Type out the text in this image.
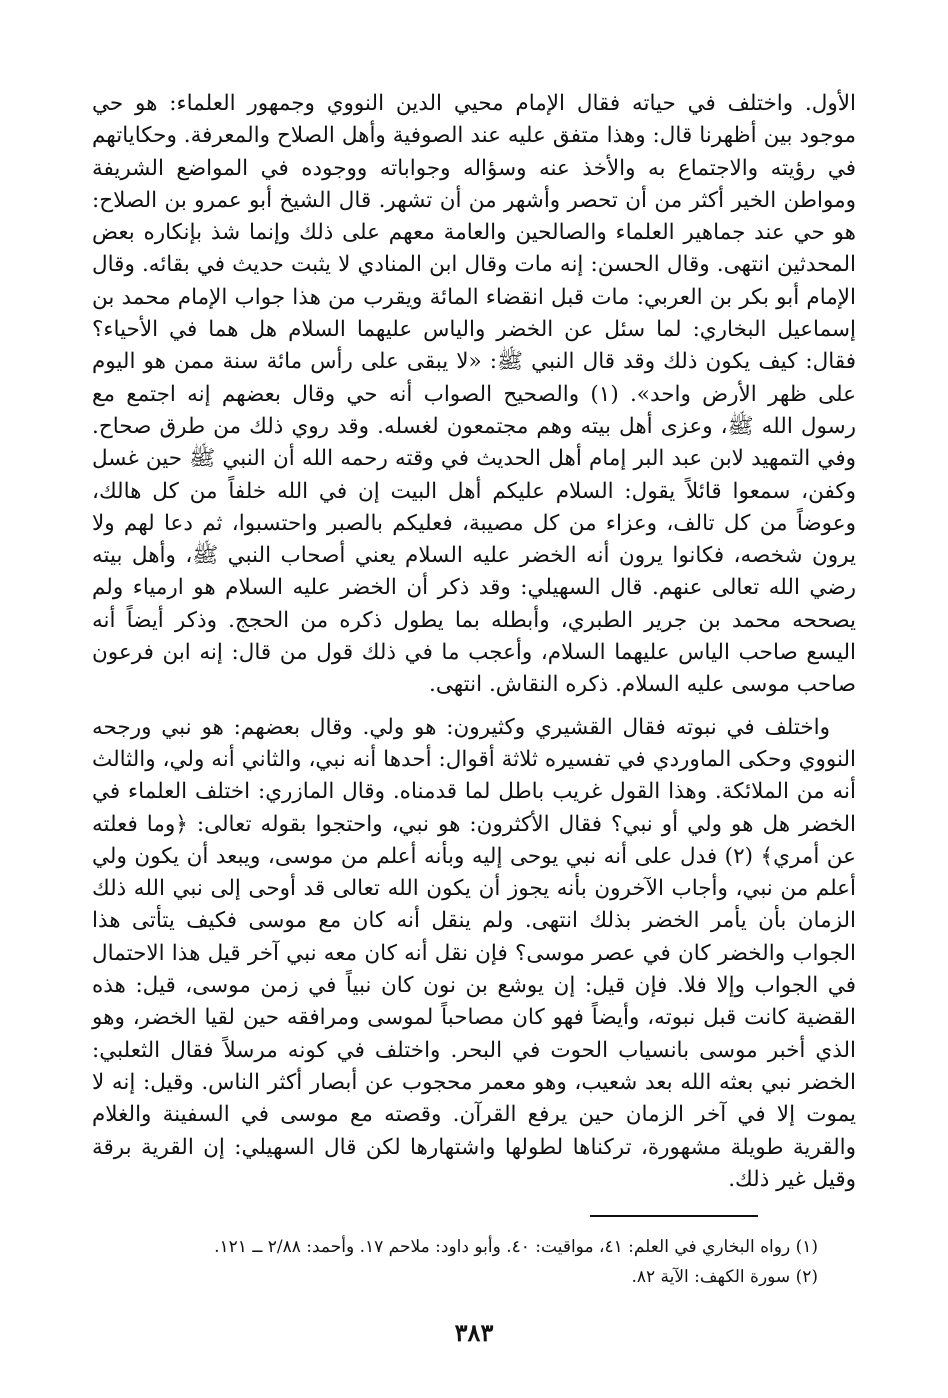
الأول. واختلف في حياته فقال الإمام محيي الدين النووي وجمهور العلماء: هو حي موجود بين أظهرنا قال: وهذا متفق عليه عند الصوفية وأهل الصلاح والمعرفة. وحكاياتهم في رؤيته والاجتماع به والأخذ عنه وسؤاله وجواباته ووجوده في المواضع الشريفة ومواطن الخير أكثر من أن تحصر وأشهر من أن تشهر. قال الشيخ أبو عمرو بن الصلاح: هو حي عند جماهير العلماء والصالحين والعامة معهم على ذلك وإنما شذ بإنكاره بعض المحدثين انتهى. وقال الحسن: إنه مات وقال ابن المنادي لا يثبت حديث في بقائه. وقال الإمام أبو بكر بن العربي: مات قبل انقضاء المائة ويقرب من هذا جواب الإمام محمد بن إسماعيل البخاري: لما سئل عن الخضر والياس عليهما السلام هل هما في الأحياء؟ فقال: كيف يكون ذلك وقد قال النبي ﷺ: «لا يبقى على رأس مائة سنة ممن هو اليوم على ظهر الأرض واحد». (١) والصحيح الصواب أنه حي وقال بعضهم إنه اجتمع مع رسول الله ﷺ، وعزى أهل بيته وهم مجتمعون لغسله. وقد روي ذلك من طرق صحاح. وفي التمهيد لابن عبد البر إمام أهل الحديث في وقته رحمه الله أن النبي ﷺ حين غسل وكفن، سمعوا قائلاً يقول: السلام عليكم أهل البيت إن في الله خلفاً من كل هالك، وعوضاً من كل تالف، وعزاء من كل مصيبة، فعليكم بالصبر واحتسبوا، ثم دعا لهم ولا يرون شخصه، فكانوا يرون أنه الخضر عليه السلام يعني أصحاب النبي ﷺ، وأهل بيته رضي الله تعالى عنهم. قال السهيلي: وقد ذكر أن الخضر عليه السلام هو ارمياء ولم يصححه محمد بن جرير الطبري، وأبطله بما يطول ذكره من الحجج. وذكر أيضاً أنه اليسع صاحب الياس عليهما السلام، وأعجب ما في ذلك قول من قال: إنه ابن فرعون صاحب موسى عليه السلام. ذكره النقاش. انتهى.

واختلف في نبوته فقال القشيري وكثيرون: هو ولي. وقال بعضهم: هو نبي ورجحه النووي وحكى الماوردي في تفسيره ثلاثة أقوال: أحدها أنه نبي، والثاني أنه ولي، والثالث أنه من الملائكة. وهذا القول غريب باطل لما قدمناه. وقال المازري: اختلف العلماء في الخضر هل هو ولي أو نبي؟ فقال الأكثرون: هو نبي، واحتجوا بقوله تعالى: ﴿وما فعلته عن أمري﴾ (٢) فدل على أنه نبي يوحى إليه وبأنه أعلم من موسى، ويبعد أن يكون ولي أعلم من نبي، وأجاب الآخرون بأنه يجوز أن يكون الله تعالى قد أوحى إلى نبي الله ذلك الزمان بأن يأمر الخضر بذلك انتهى. ولم ينقل أنه كان مع موسى فكيف يتأتى هذا الجواب والخضر كان في عصر موسى؟ فإن نقل أنه كان معه نبي آخر قيل هذا الاحتمال في الجواب وإلا فلا. فإن قيل: إن يوشع بن نون كان نبياً في زمن موسى، قيل: هذه القضية كانت قبل نبوته، وأيضاً فهو كان مصاحباً لموسى ومرافقه حين لقيا الخضر، وهو الذي أخبر موسى بانسياب الحوت في البحر. واختلف في كونه مرسلاً فقال الثعلبي: الخضر نبي بعثه الله بعد شعيب، وهو معمر محجوب عن أبصار أكثر الناس. وقيل: إنه لا يموت إلا في آخر الزمان حين يرفع القرآن. وقصته مع موسى في السفينة والغلام والقرية طويلة مشهورة، تركناها لطولها واشتهارها لكن قال السهيلي: إن القرية برقة وقيل غير ذلك.

(١) رواه البخاري في العلم: ٤١، مواقيت: ٤٠. وأبو داود: ملاحم ١٧. وأحمد: ٢/٨٨ ــ ١٢١.

(٢) سورة الكهف: الآية ٨٢.

٣٨٣
